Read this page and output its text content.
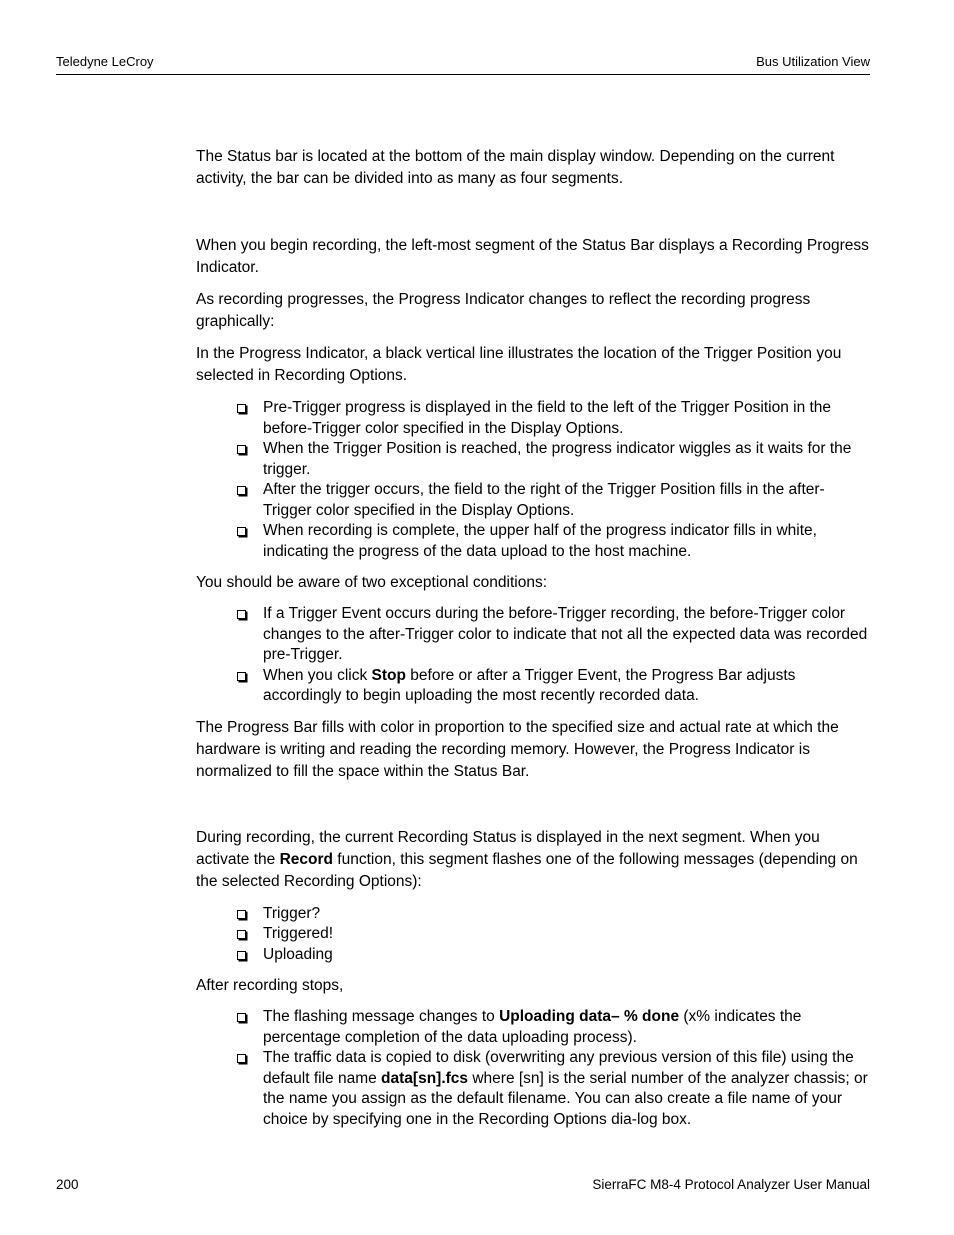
Teledyne LeCroy	Bus Utilization View

The Status bar is located at the bottom of the main display window. Depending on the current activity, the bar can be divided into as many as four segments.

When you begin recording, the left-most segment of the Status Bar displays a Recording Progress Indicator.

As recording progresses, the Progress Indicator changes to reflect the recording progress graphically:

In the Progress Indicator, a black vertical line illustrates the location of the Trigger Position you selected in Recording Options.

Pre-Trigger progress is displayed in the field to the left of the Trigger Position in the before-Trigger color specified in the Display Options.
When the Trigger Position is reached, the progress indicator wiggles as it waits for the trigger.
After the trigger occurs, the field to the right of the Trigger Position fills in the after-Trigger color specified in the Display Options.
When recording is complete, the upper half of the progress indicator fills in white, indicating the progress of the data upload to the host machine.

You should be aware of two exceptional conditions:

If a Trigger Event occurs during the before-Trigger recording, the before-Trigger color changes to the after-Trigger color to indicate that not all the expected data was recorded pre-Trigger.
When you click Stop before or after a Trigger Event, the Progress Bar adjusts accordingly to begin uploading the most recently recorded data.

The Progress Bar fills with color in proportion to the specified size and actual rate at which the hardware is writing and reading the recording memory. However, the Progress Indicator is normalized to fill the space within the Status Bar.

During recording, the current Recording Status is displayed in the next segment. When you activate the Record function, this segment flashes one of the following messages (depending on the selected Recording Options):

Trigger?
Triggered!
Uploading

After recording stops,

The flashing message changes to Uploading data– % done (x% indicates the percentage completion of the data uploading process).
The traffic data is copied to disk (overwriting any previous version of this file) using the default file name data[sn].fcs where [sn] is the serial number of the analyzer chassis; or the name you assign as the default filename. You can also create a file name of your choice by specifying one in the Recording Options dia-log box.
200	SierraFC M8-4 Protocol Analyzer User Manual
